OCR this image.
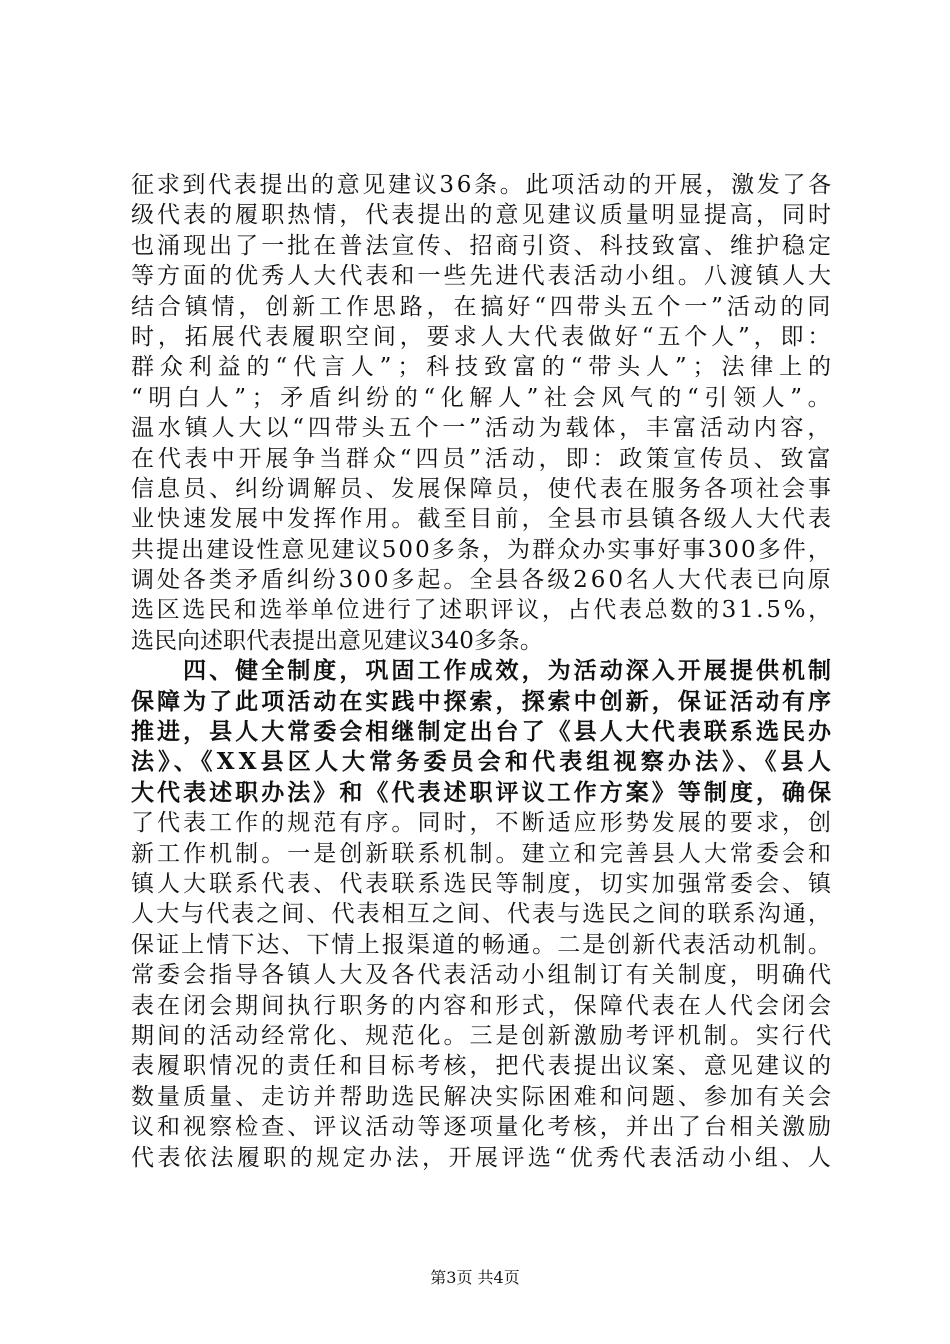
征求到代表提出的意见建议36条。此项活动的开展，激发了各
级代表的履职热情，代表提出的意见建议质量明显提高，同时
也涌现出了一批在普法宣传、招商引资、科技致富、维护稳定
等方面的优秀人大代表和一些先进代表活动小组。八渡镇人大
结合镇情，创新工作思路，在搞好“四带头五个一”活动的同
时，拓展代表履职空间，要求人大代表做好“五个人”，即：
群众利益的“代言人”；科技致富的“带头人”；法律上的
“明白人”；矛盾纠纷的“化解人”社会风气的“引领人”。
温水镇人大以“四带头五个一”活动为载体，丰富活动内容，
在代表中开展争当群众“四员”活动，即：政策宣传员、致富
信息员、纠纷调解员、发展保障员，使代表在服务各项社会事
业快速发展中发挥作用。截至目前，全县市县镇各级人大代表
共提出建设性意见建议500多条，为群众办实事好事300多件，
调处各类矛盾纠纷300多起。全县各级260名人大代表已向原
选区选民和选举单位进行了述职评议，占代表总数的31.5%，
选民向述职代表提出意见建议340多条。
　　四、健全制度，巩固工作成效，为活动深入开展提供机制
保障为了此项活动在实践中探索，探索中创新，保证活动有序
推进，县人大常委会相继制定出台了《县人大代表联系选民办
法》、《XX县区人大常务委员会和代表组视察办法》、《县人
大代表述职办法》和《代表述职评议工作方案》等制度，确保
了代表工作的规范有序。同时，不断适应形势发展的要求，创
新工作机制。一是创新联系机制。建立和完善县人大常委会和
镇人大联系代表、代表联系选民等制度，切实加强常委会、镇
人大与代表之间、代表相互之间、代表与选民之间的联系沟通，
保证上情下达、下情上报渠道的畅通。二是创新代表活动机制。
常委会指导各镇人大及各代表活动小组制订有关制度，明确代
表在闭会期间执行职务的内容和形式，保障代表在人代会闭会
期间的活动经常化、规范化。三是创新激励考评机制。实行代
表履职情况的责任和目标考核，把代表提出议案、意见建议的
数量质量、走访并帮助选民解决实际困难和问题、参加有关会
议和视察检查、评议活动等逐项量化考核，并出了台相关激励
代表依法履职的规定办法，开展评选“优秀代表活动小组、人
第3页 共4页
